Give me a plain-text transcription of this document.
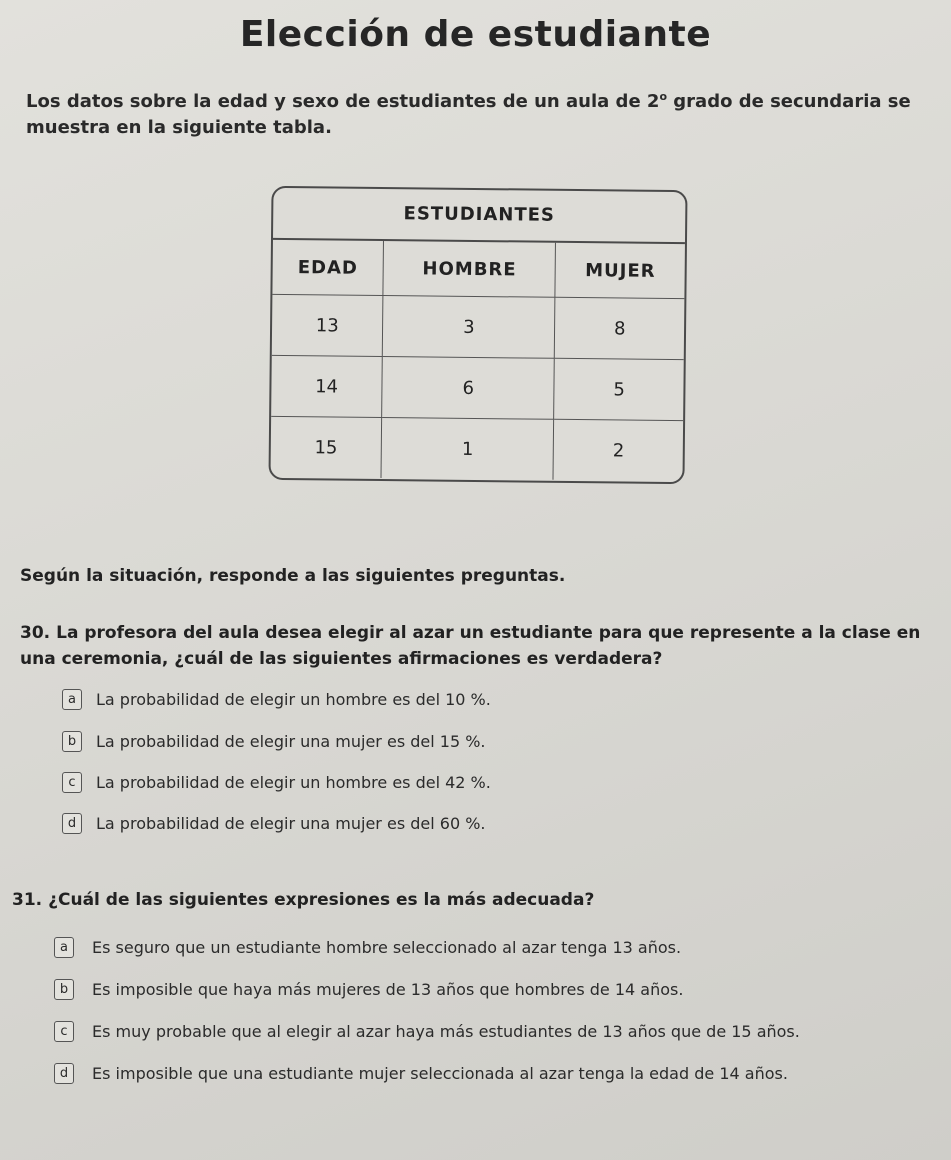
Elección de estudiante
Los datos sobre la edad y sexo de estudiantes de un aula de 2$^o$ grado de secundaria se muestra en la siguiente tabla.
ESTUDIANTES
EDAD	HOMBRE	MUJER
13	3	8
14	6	5
15	1	2
Según la situación, responde a las siguientes preguntas.
30. La profesora del aula desea elegir al azar un estudiante para que represente a la clase en una ceremonia, ¿cuál de las siguientes afirmaciones es verdadera?
a	La probabilidad de elegir un hombre es del 10 %.
b	La probabilidad de elegir una mujer es del 15 %.
c	La probabilidad de elegir un hombre es del 42 %.
d	La probabilidad de elegir una mujer es del 60 %.
31. ¿Cuál de las siguientes expresiones es la más adecuada?
a	Es seguro que un estudiante hombre seleccionado al azar tenga 13 años.
b	Es imposible que haya más mujeres de 13 años que hombres de 14 años.
c	Es muy probable que al elegir al azar haya más estudiantes de 13 años que de 15 años.
d	Es imposible que una estudiante mujer seleccionada al azar tenga la edad de 14 años.
